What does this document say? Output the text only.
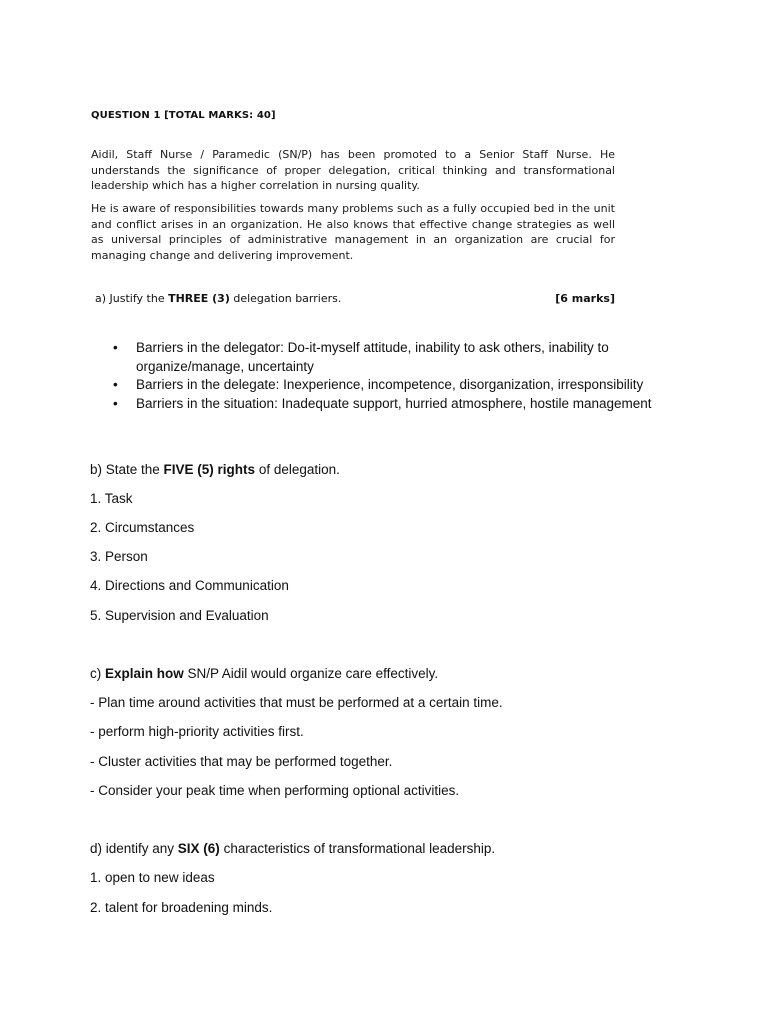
QUESTION 1 [TOTAL MARKS: 40]

Aidil, Staff Nurse / Paramedic (SN/P) has been promoted to a Senior Staff Nurse. He understands the significance of proper delegation, critical thinking and transformational leadership which has a higher correlation in nursing quality.

He is aware of responsibilities towards many problems such as a fully occupied bed in the unit and conflict arises in an organization. He also knows that effective change strategies as well as universal principles of administrative management in an organization are crucial for managing change and delivering improvement.

a) Justify the THREE (3) delegation barriers.	[6 marks]
• Barriers in the delegator: Do-it-myself attitude, inability to ask others, inability to organize/manage, uncertainty
• Barriers in the delegate: Inexperience, incompetence, disorganization, irresponsibility
• Barriers in the situation: Inadequate support, hurried atmosphere, hostile management

b) State the FIVE (5) rights of delegation.

1. Task

2. Circumstances

3. Person

4. Directions and Communication

5. Supervision and Evaluation

c) Explain how SN/P Aidil would organize care effectively.

- Plan time around activities that must be performed at a certain time.

- perform high-priority activities first.

- Cluster activities that may be performed together.

- Consider your peak time when performing optional activities.

d) identify any SIX (6) characteristics of transformational leadership.

1. open to new ideas

2. talent for broadening minds.
